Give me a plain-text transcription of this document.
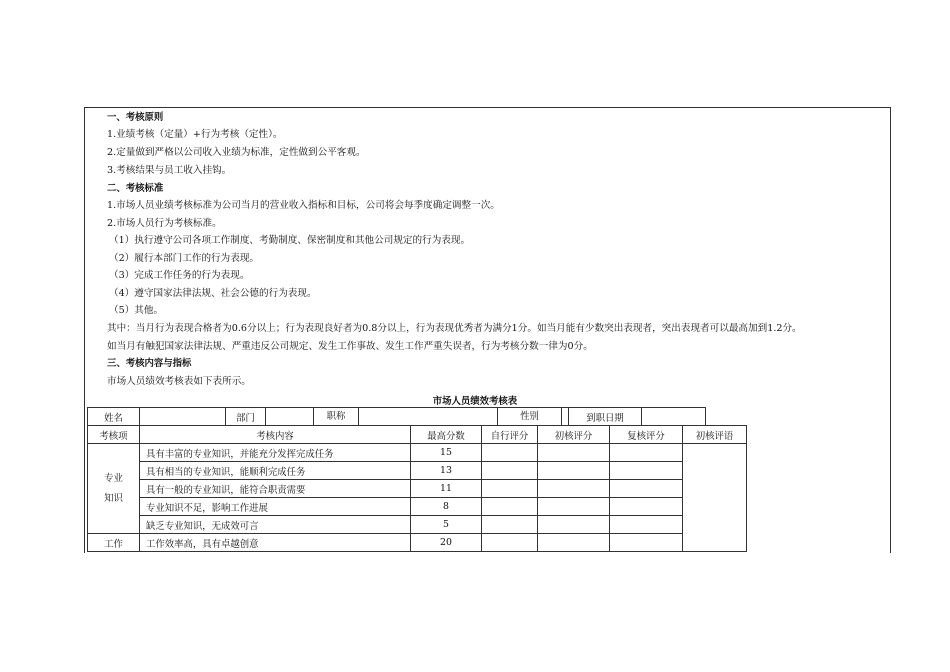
一、考核原则
1.业绩考核（定量）+行为考核（定性）。
2.定量做到严格以公司收入业绩为标准，定性做到公平客观。
3.考核结果与员工收入挂钩。
二、考核标准
1.市场人员业绩考核标准为公司当月的营业收入指标和目标，公司将会每季度确定调整一次。
2.市场人员行为考核标准。
（1）执行遵守公司各项工作制度、考勤制度、保密制度和其他公司规定的行为表现。
（2）履行本部门工作的行为表现。
（3）完成工作任务的行为表现。
（4）遵守国家法律法规、社会公德的行为表现。
（5）其他。
其中：当月行为表现合格者为0.6分以上；行为表现良好者为0.8分以上，行为表现优秀者为满分1分。如当月能有少数突出表现者，突出表现者可以最高加到1.2分。
如当月有触犯国家法律法规、严重违反公司规定、发生工作事故、发生工作严重失误者，行为考核分数一律为0分。
三、考核内容与指标
市场人员绩效考核表如下表所示。
市场人员绩效考核表
姓名		部门		职称	性别	到职日期	
考核项	考核内容	最高分数	自行评分	初核评分	复核评分	初核评语
专业
知识	具有丰富的专业知识，并能充分发挥完成任务	15				
	具有相当的专业知识，能顺利完成任务	13				
	具有一般的专业知识，能符合职责需要	11				
	专业知识不足，影响工作进展	8				
	缺乏专业知识，无成效可言	5				
工作	工作效率高，具有卓越创意	20				
